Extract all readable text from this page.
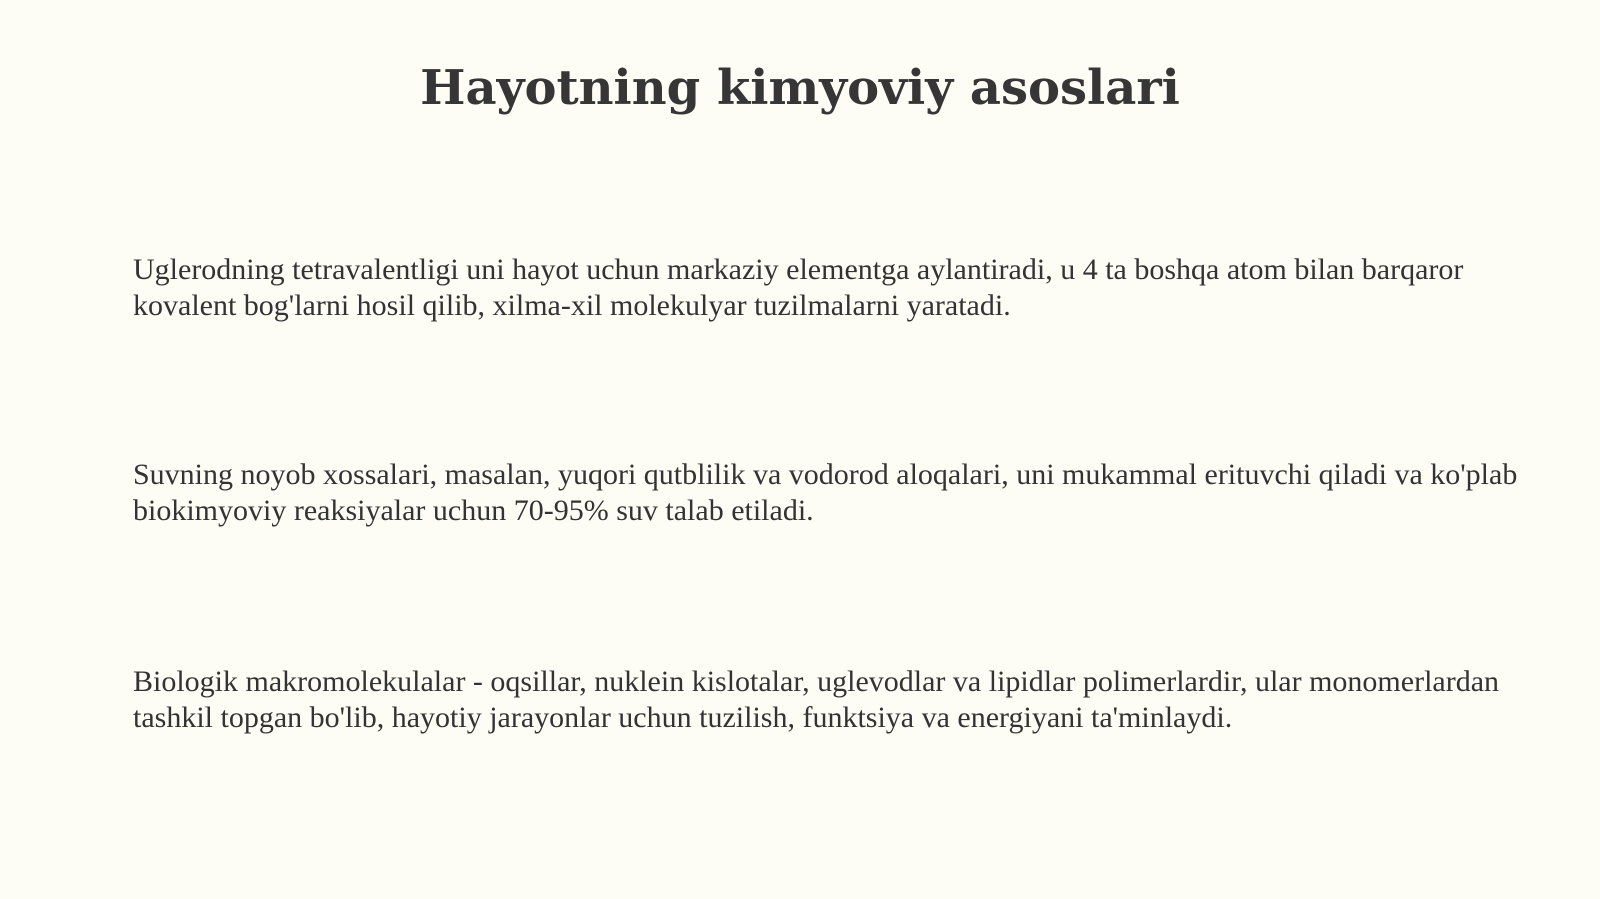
Hayotning kimyoviy asoslari

Uglerodning tetravalentligi uni hayot uchun markaziy elementga aylantiradi, u 4 ta boshqa atom bilan barqaror kovalent bog'larni hosil qilib, xilma-xil molekulyar tuzilmalarni yaratadi.

Suvning noyob xossalari, masalan, yuqori qutblilik va vodorod aloqalari, uni mukammal erituvchi qiladi va ko'plab biokimyoviy reaksiyalar uchun 70-95% suv talab etiladi.

Biologik makromolekulalar - oqsillar, nuklein kislotalar, uglevodlar va lipidlar polimerlardir, ular monomerlardan tashkil topgan bo'lib, hayotiy jarayonlar uchun tuzilish, funktsiya va energiyani ta'minlaydi.
